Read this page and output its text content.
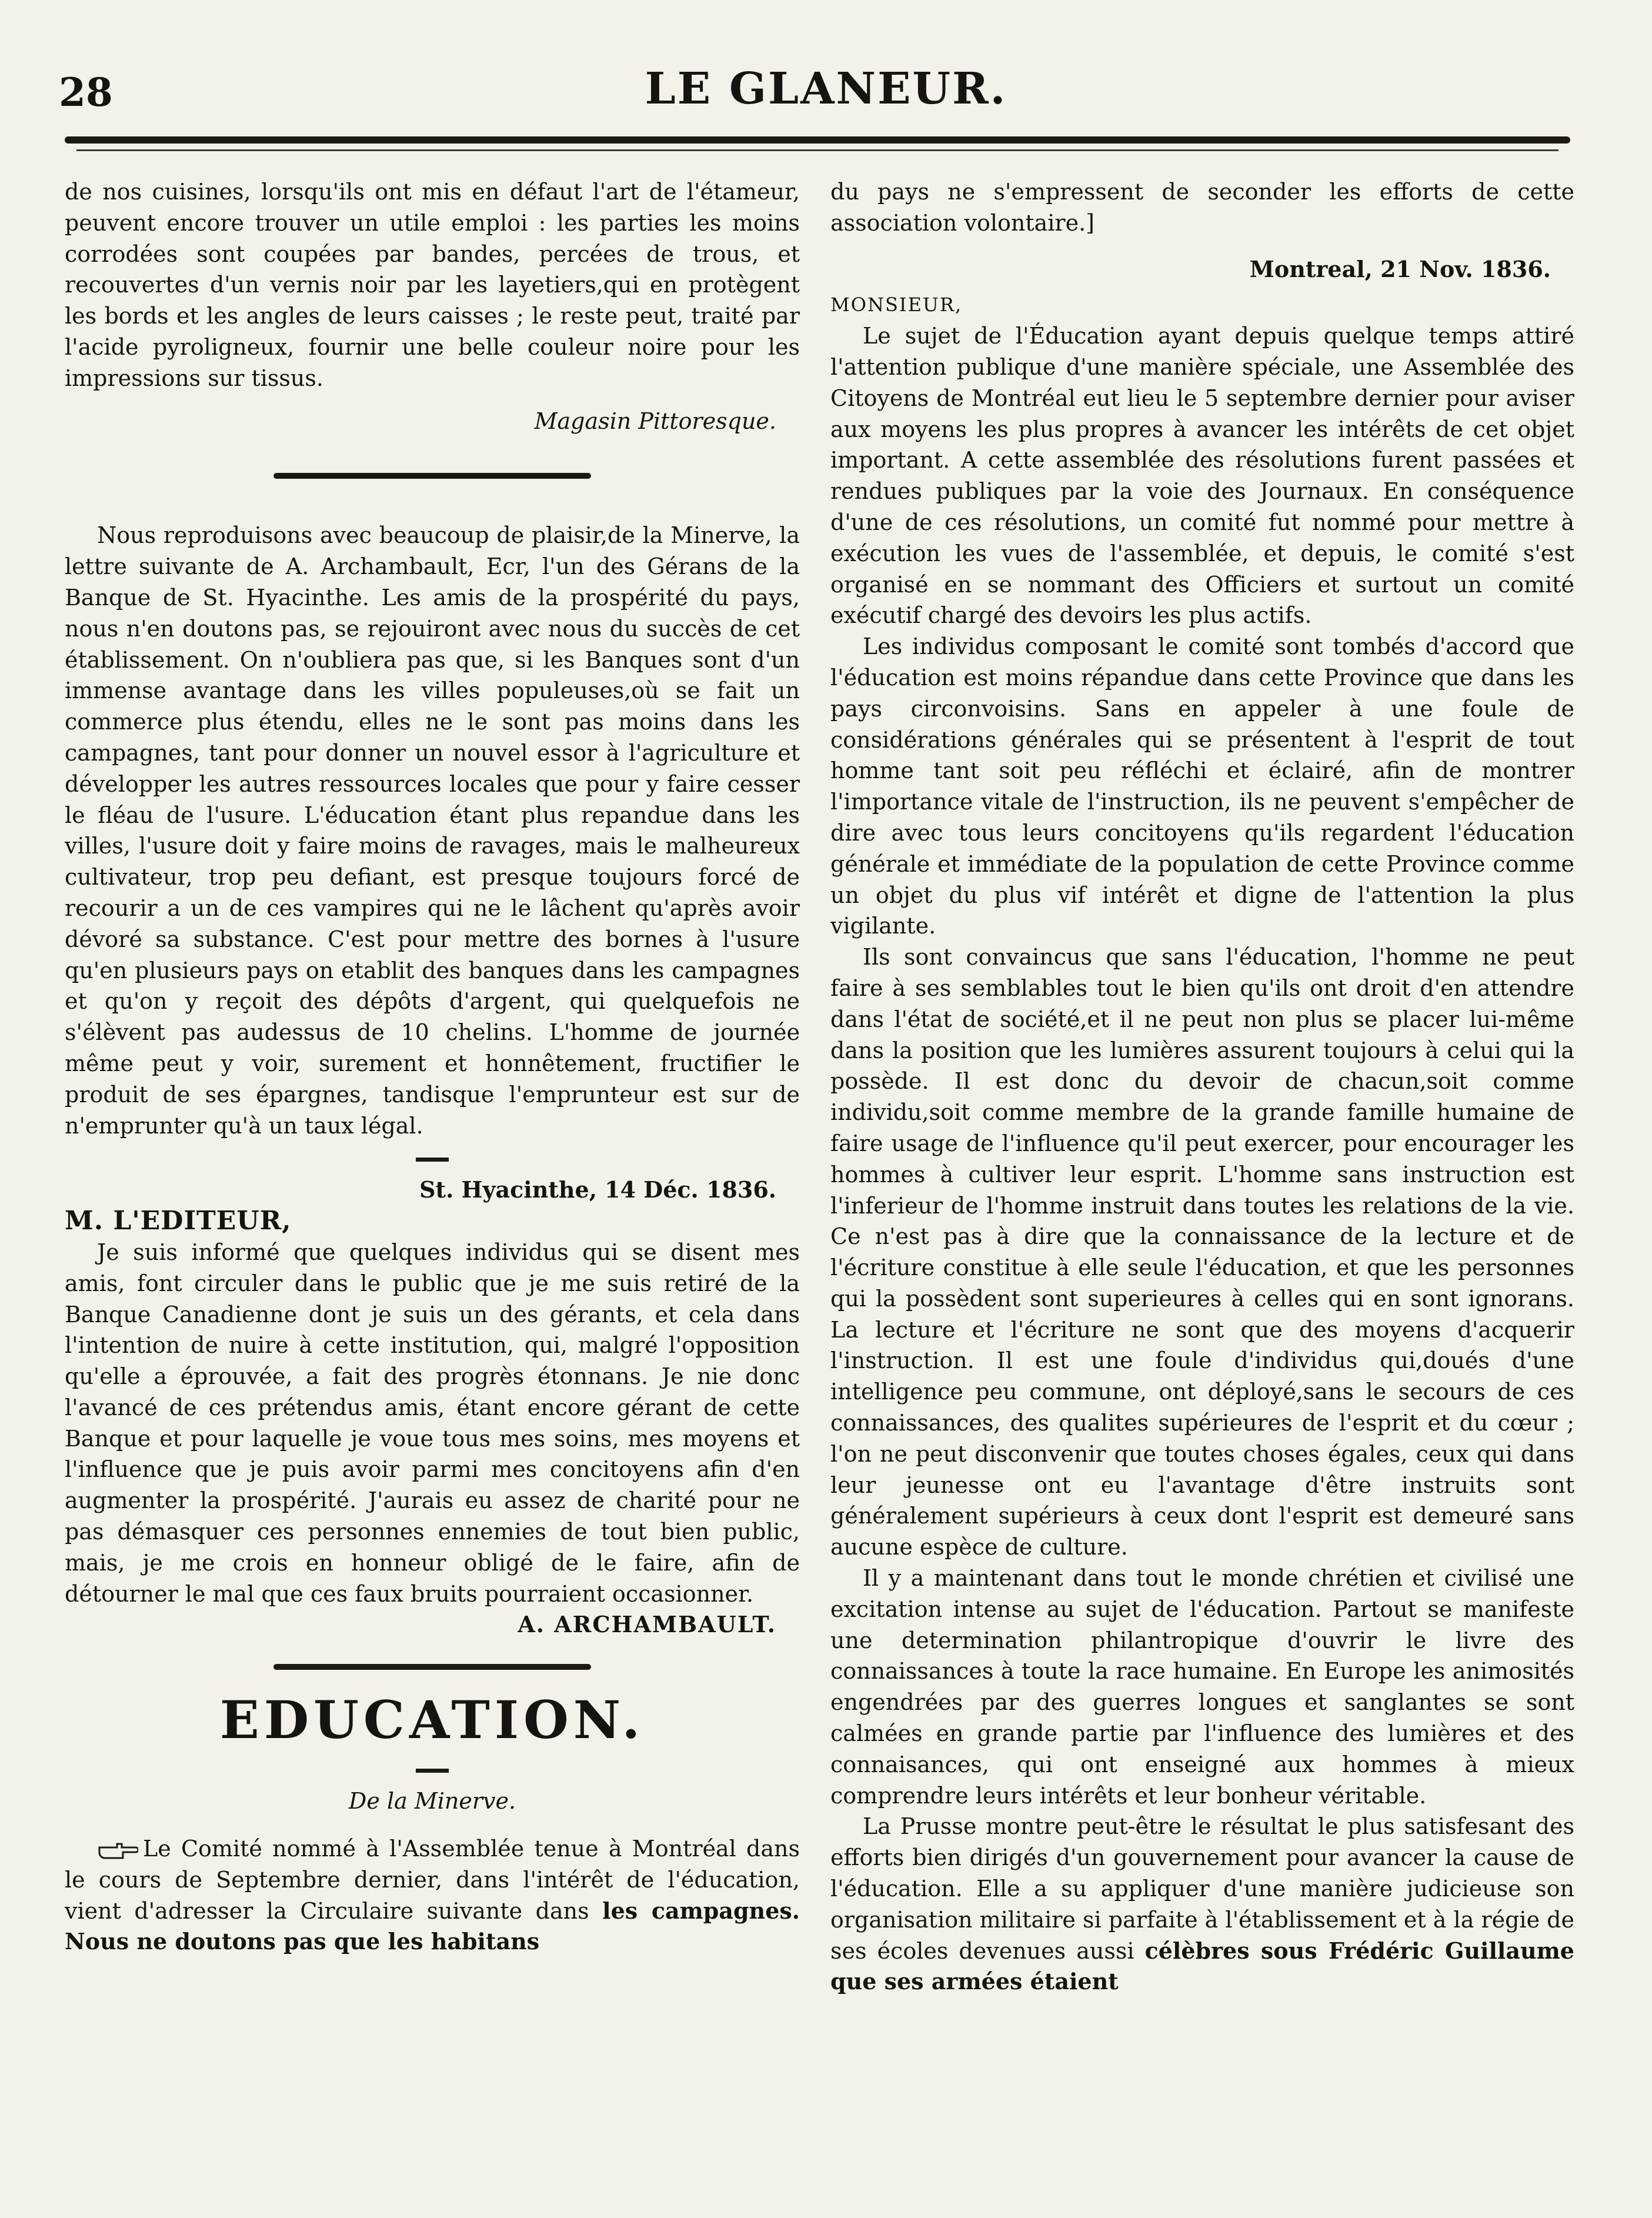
28	LE GLANEUR.

de nos cuisines, lorsqu'ils ont mis en défaut l'art de l'étameur, peuvent encore trouver un utile emploi : les parties les moins corrodées sont coupées par bandes, percées de trous, et recouvertes d'un vernis noir par les layetiers,qui en protègent les bords et les angles de leurs caisses ; le reste peut, traité par l'acide pyroligneux, fournir une belle couleur noire pour les impressions sur tissus.

Magasin Pittoresque.

Nous reproduisons avec beaucoup de plaisir,de la Minerve, la lettre suivante de A. Archambault, Ecr, l'un des Gérans de la Banque de St. Hyacinthe. Les amis de la prospérité du pays, nous n'en doutons pas, se rejouiront avec nous du succès de cet établissement. On n'oubliera pas que, si les Banques sont d'un immense avantage dans les villes populeuses,où se fait un commerce plus étendu, elles ne le sont pas moins dans les campagnes, tant pour donner un nouvel essor à l'agriculture et développer les autres ressources locales que pour y faire cesser le fléau de l'usure. L'éducation étant plus repandue dans les villes, l'usure doit y faire moins de ravages, mais le malheureux cultivateur, trop peu defiant, est presque toujours forcé de recourir a un de ces vampires qui ne le lâchent qu'après avoir dévoré sa substance. C'est pour mettre des bornes à l'usure qu'en plusieurs pays on etablit des banques dans les campagnes et qu'on y reçoit des dépôts d'argent, qui quelquefois ne s'élèvent pas audessus de 10 chelins. L'homme de journée même peut y voir, surement et honnêtement, fructifier le produit de ses épargnes, tandisque l'emprunteur est sur de n'emprunter qu'à un taux légal.

St. Hyacinthe, 14 Déc. 1836.

M. L'EDITEUR,

Je suis informé que quelques individus qui se disent mes amis, font circuler dans le public que je me suis retiré de la Banque Canadienne dont je suis un des gérants, et cela dans l'intention de nuire à cette institution, qui, malgré l'opposition qu'elle a éprouvée, a fait des progrès étonnans. Je nie donc l'avancé de ces prétendus amis, étant encore gérant de cette Banque et pour laquelle je voue tous mes soins, mes moyens et l'influence que je puis avoir parmi mes concitoyens afin d'en augmenter la prospérité. J'aurais eu assez de charité pour ne pas démasquer ces personnes ennemies de tout bien public, mais, je me crois en honneur obligé de le faire, afin de détourner le mal que ces faux bruits pourraient occasionner.

A. ARCHAMBAULT.

EDUCATION.

De la Minerve.

Le Comité nommé à l'Assemblée tenue à Montréal dans le cours de Septembre dernier, dans l'intérêt de l'éducation, vient d'adresser la Circulaire suivante dans les campagnes. Nous ne doutons pas que les habitans

du pays ne s'empressent de seconder les efforts de cette association volontaire.]

Montreal, 21 Nov. 1836.

MONSIEUR,

Le sujet de l'Éducation ayant depuis quelque temps attiré l'attention publique d'une manière spéciale, une Assemblée des Citoyens de Montréal eut lieu le 5 septembre dernier pour aviser aux moyens les plus propres à avancer les intérêts de cet objet important. A cette assemblée des résolutions furent passées et rendues publiques par la voie des Journaux. En conséquence d'une de ces résolutions, un comité fut nommé pour mettre à exécution les vues de l'assemblée, et depuis, le comité s'est organisé en se nommant des Officiers et surtout un comité exécutif chargé des devoirs les plus actifs.

Les individus composant le comité sont tombés d'accord que l'éducation est moins répandue dans cette Province que dans les pays circonvoisins. Sans en appeler à une foule de considérations générales qui se présentent à l'esprit de tout homme tant soit peu réfléchi et éclairé, afin de montrer l'importance vitale de l'instruction, ils ne peuvent s'empêcher de dire avec tous leurs concitoyens qu'ils regardent l'éducation générale et immédiate de la population de cette Province comme un objet du plus vif intérêt et digne de l'attention la plus vigilante.

Ils sont convaincus que sans l'éducation, l'homme ne peut faire à ses semblables tout le bien qu'ils ont droit d'en attendre dans l'état de société,et il ne peut non plus se placer lui-même dans la position que les lumières assurent toujours à celui qui la possède. Il est donc du devoir de chacun,soit comme individu,soit comme membre de la grande famille humaine de faire usage de l'influence qu'il peut exercer, pour encourager les hommes à cultiver leur esprit. L'homme sans instruction est l'inferieur de l'homme instruit dans toutes les relations de la vie. Ce n'est pas à dire que la connaissance de la lecture et de l'écriture constitue à elle seule l'éducation, et que les personnes qui la possèdent sont superieures à celles qui en sont ignorans. La lecture et l'écriture ne sont que des moyens d'acquerir l'instruction. Il est une foule d'individus qui,doués d'une intelligence peu commune, ont déployé,sans le secours de ces connaissances, des qualites supérieures de l'esprit et du cœur ; l'on ne peut disconvenir que toutes choses égales, ceux qui dans leur jeunesse ont eu l'avantage d'être instruits sont généralement supérieurs à ceux dont l'esprit est demeuré sans aucune espèce de culture.

Il y a maintenant dans tout le monde chrétien et civilisé une excitation intense au sujet de l'éducation. Partout se manifeste une determination philantropique d'ouvrir le livre des connaissances à toute la race humaine. En Europe les animosités engendrées par des guerres longues et sanglantes se sont calmées en grande partie par l'influence des lumières et des connaisances, qui ont enseigné aux hommes à mieux comprendre leurs intérêts et leur bonheur véritable.

La Prusse montre peut-être le résultat le plus satisfesant des efforts bien dirigés d'un gouvernement pour avancer la cause de l'éducation. Elle a su appliquer d'une manière judicieuse son organisation militaire si parfaite à l'établissement et à la régie de ses écoles devenues aussi célèbres sous Frédéric Guillaume que ses armées étaient
